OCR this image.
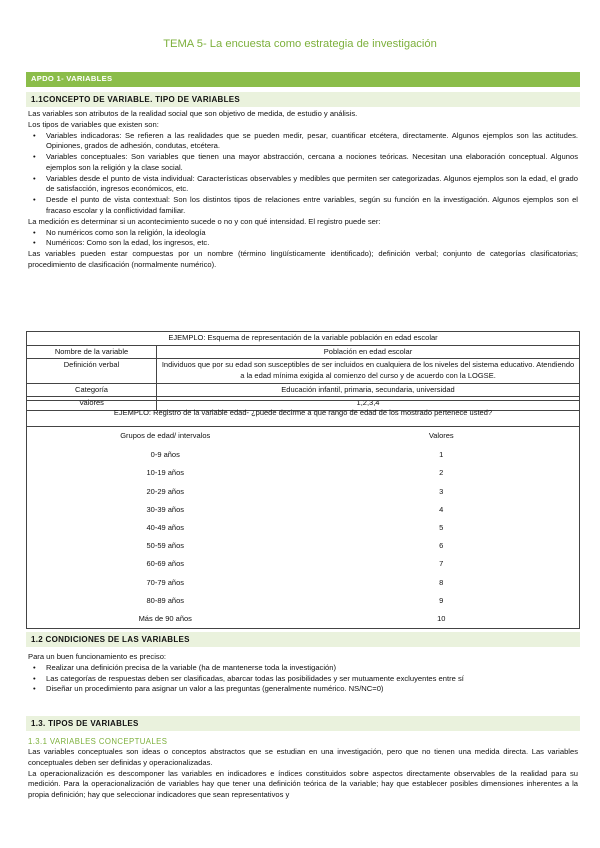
TEMA 5- La encuesta como estrategia de investigación
APDO 1- VARIABLES
1.1CONCEPTO DE VARIABLE. TIPO DE VARIABLES

Las variables son atributos de la realidad social que son objetivo de medida, de estudio y análisis.

Los tipos de variables que existen son:

• Variables indicadoras: Se refieren a las realidades que se pueden medir, pesar, cuantificar etcétera, directamente. Algunos ejemplos son las actitudes. Opiniones, grados de adhesión, condutas, etcétera.
• Variables conceptuales: Son variables que tienen una mayor abstracción, cercana a nociones teóricas. Necesitan una elaboración conceptual. Algunos ejemplos son la religión y la clase social.
• Variables desde el punto de vista individual: Características observables y medibles que permiten ser categorizadas. Algunos ejemplos son la edad, el grado de satisfacción, ingresos económicos, etc.
• Desde el punto de vista contextual: Son los distintos tipos de relaciones entre variables, según su función en la investigación. Algunos ejemplos son el fracaso escolar y la conflictividad familiar.

La medición es determinar si un acontecimiento sucede o no y con qué intensidad. El registro puede ser:

• No numéricos como son la religión, la ideología
• Numéricos: Como son la edad, los ingresos, etc.

Las variables pueden estar compuestas por un nombre (término lingüísticamente identificado); definición verbal; conjunto de categorías clasificatorias; procedimiento de clasificación (normalmente numérico).

EJEMPLO: Esquema de representación de la variable población en edad escolar	
Nombre de la variable	Población en edad escolar
Definición verbal	Individuos que por su edad son susceptibles de ser incluidos en cualquiera de los niveles del sistema educativo. Atendiendo a la edad mínima exigida al comienzo del curso y de acuerdo con la LOGSE.
Categoría	Educación infantil, primaria, secundaria, universidad
Valores	1,2,3,4
EJEMPLO: Registro de la variable edad- ¿puede decirme a que rango de edad de los mostrado pertenece usted?	
Grupos de edad/ intervalos	Valores
0-9 años	1
10-19 años	2
20-29 años	3
30-39 años	4
40-49 años	5
50-59 años	6
60-69 años	7
70-79 años	8
80-89 años	9
Más de 90 años	10
1.2 CONDICIONES DE LAS VARIABLES

Para un buen funcionamiento es preciso:

• Realizar una definición precisa de la variable (ha de mantenerse toda la investigación)
• Las categorías de respuestas deben ser clasificadas, abarcar todas las posibilidades y ser mutuamente excluyentes entre sí
• Diseñar un procedimiento para asignar un valor a las preguntas (generalmente numérico. NS/NC=0)
1.3. TIPOS DE VARIABLES

1.3.1 VARIABLES CONCEPTUALES

Las variables conceptuales son ideas o conceptos abstractos que se estudian en una investigación, pero que no tienen una medida directa. Las variables conceptuales deben ser definidas y operacionalizadas.

La operacionalización es descomponer las variables en indicadores e índices constituidos sobre aspectos directamente observables de la realidad para su medición. Para la operacionalización de variables hay que tener una definición teórica de la variable; hay que establecer posibles dimensiones inherentes a la propia definición; hay que seleccionar indicadores que sean representativos y
